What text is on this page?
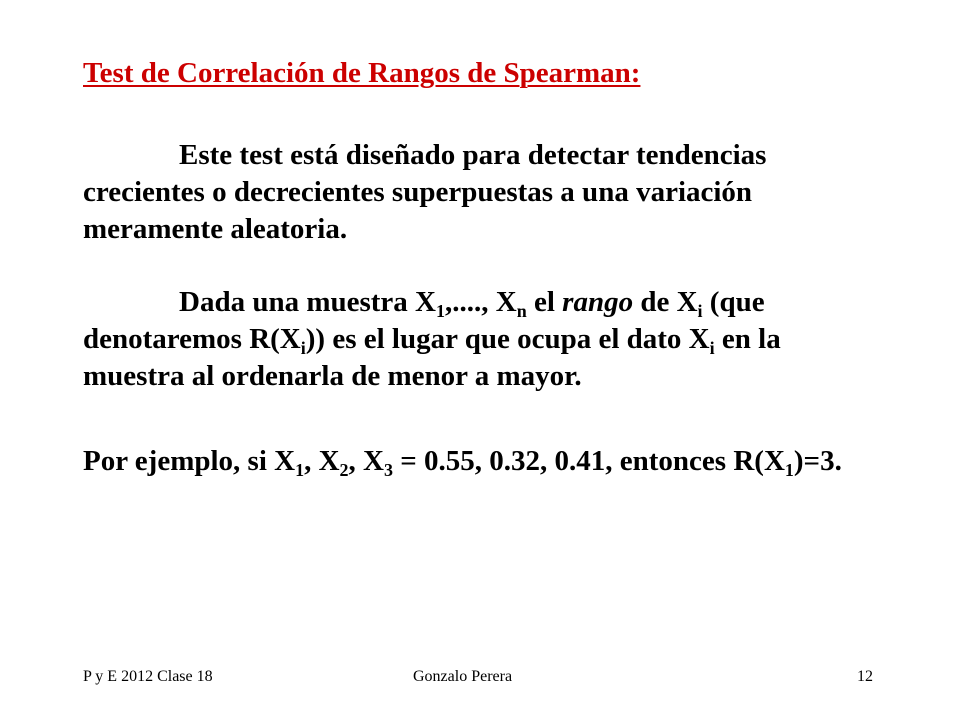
Test de Correlación de Rangos de Spearman:

Este test está diseñado para detectar tendencias crecientes o decrecientes superpuestas a una variación meramente aleatoria.

Dada una muestra $X_1$,...., $X_n$ el rango de $X_i$ (que denotaremos $R(X_i)$) es el lugar que ocupa el dato $X_i$ en la muestra al ordenarla de menor a mayor.

Por ejemplo, si $X_1$, $X_2$, $X_3 = 0.55$, 0.32, 0.41, entonces $R(X_1)=3$.

P y E 2012 Clase 18	Gonzalo Perera	12
